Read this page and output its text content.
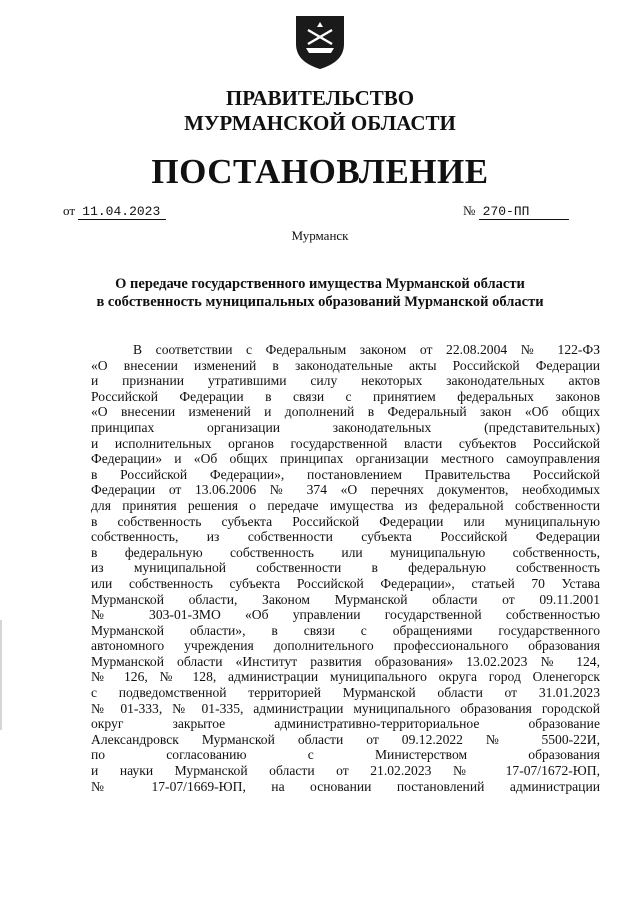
ПРАВИТЕЛЬСТВО
МУРМАНСКОЙ ОБЛАСТИ
ПОСТАНОВЛЕНИЕ
от 11.04.2023	№ 270-ПП
Мурманск
О передаче государственного имущества Мурманской области
в собственность муниципальных образований Мурманской области
В соответствии с Федеральным законом от 22.08.2004 № 122-ФЗ
«О внесении изменений в законодательные акты Российской Федерации
и признании утратившими силу некоторых законодательных актов
Российской Федерации в связи с принятием федеральных законов
«О внесении изменений и дополнений в Федеральный закон «Об общих
принципах организации законодательных (представительных)
и исполнительных органов государственной власти субъектов Российской
Федерации» и «Об общих принципах организации местного самоуправления
в Российской Федерации», постановлением Правительства Российской
Федерации от 13.06.2006 № 374 «О перечнях документов, необходимых
для принятия решения о передаче имущества из федеральной собственности
в собственность субъекта Российской Федерации или муниципальную
собственность, из собственности субъекта Российской Федерации
в федеральную собственность или муниципальную собственность,
из муниципальной собственности в федеральную собственность
или собственность субъекта Российской Федерации», статьей 70 Устава
Мурманской области, Законом Мурманской области от 09.11.2001
№ 303-01-ЗМО «Об управлении государственной собственностью
Мурманской области», в связи с обращениями государственного
автономного учреждения дополнительного профессионального образования
Мурманской области «Институт развития образования» 13.02.2023 № 124,
№ 126, № 128, администрации муниципального округа город Оленегорск
с подведомственной территорией Мурманской области от 31.01.2023
№ 01-333, № 01-335, администрации муниципального образования городской
округ закрытое административно-территориальное образование
Александровск Мурманской области от 09.12.2022 № 5500-22И,
по согласованию с Министерством образования
и науки Мурманской области от 21.02.2023 № 17-07/1672-ЮП,
№ 17-07/1669-ЮП, на основании постановлений администрации
